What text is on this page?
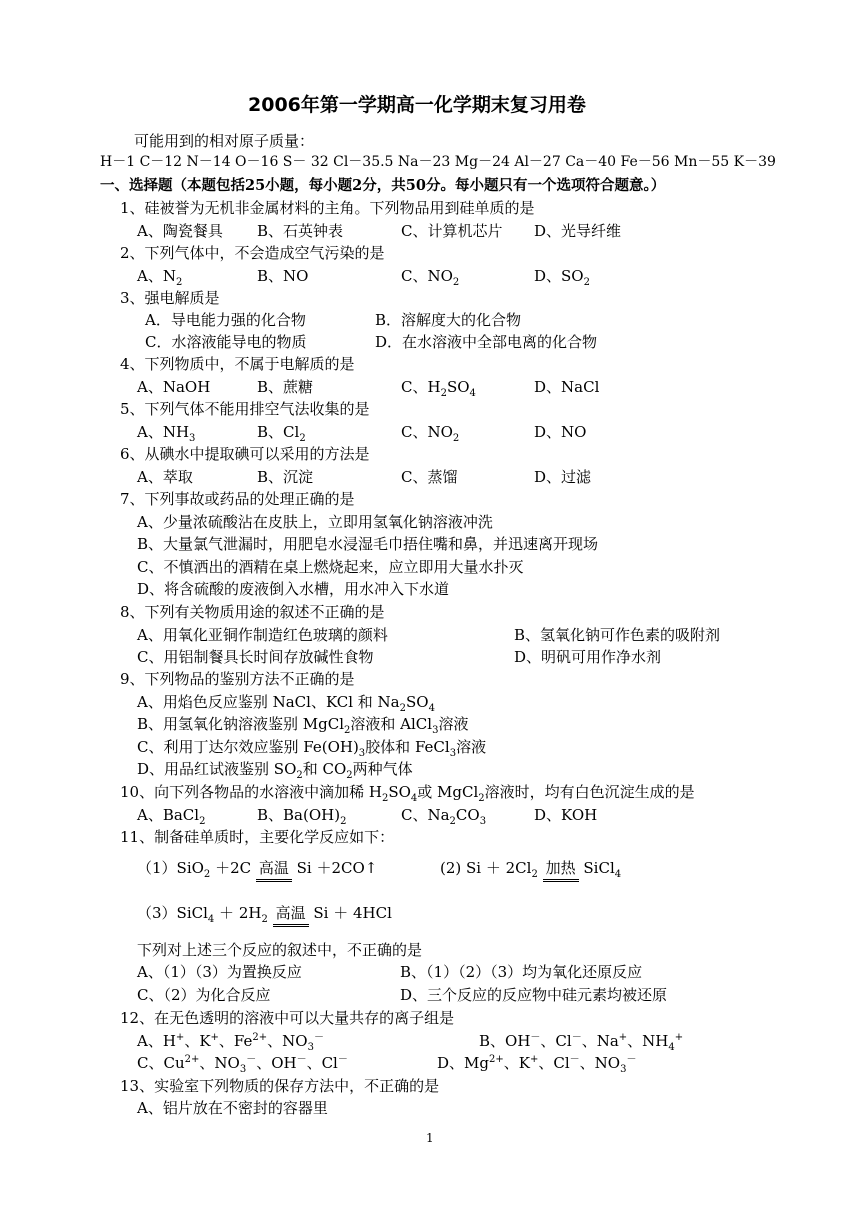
2006年第一学期高一化学期末复习用卷
可能用到的相对原子质量：
H－1 C－12 N－14 O－16 S－ 32 Cl－35.5 Na－23 Mg－24 Al－27 Ca－40 Fe－56 Mn－55 K－39
一、选择题（本题包括25小题，每小题2分，共50分。每小题只有一个选项符合题意。）
1、硅被誉为无机非金属材料的主角。下列物品用到硅单质的是
A、陶瓷餐具 B、石英钟表	C、计算机芯片 D、光导纤维
2、下列气体中，不会造成空气污染的是
A、$N_2$	B、NO	C、$NO_2$	D、$SO_2$
3、强电解质是
A．导电能力强的化合物	B．溶解度大的化合物
C．水溶液能导电的物质	D．在水溶液中全部电离的化合物
4、下列物质中，不属于电解质的是
A、NaOH	B、蔗糖	C、$H_2SO_4$	D、NaCl
5、下列气体不能用排空气法收集的是
A、$NH_3$	B、$Cl_2$	C、$NO_2$	D、NO
6、从碘水中提取碘可以采用的方法是
A、萃取	B、沉淀	C、蒸馏	D、过滤
7、下列事故或药品的处理正确的是
A、少量浓硫酸沾在皮肤上，立即用氢氧化钠溶液冲洗
B、大量氯气泄漏时，用肥皂水浸湿毛巾捂住嘴和鼻，并迅速离开现场
C、不慎洒出的酒精在桌上燃烧起来，应立即用大量水扑灭
D、将含硫酸的废液倒入水槽，用水冲入下水道
8、下列有关物质用途的叙述不正确的是
A、用氧化亚铜作制造红色玻璃的颜料	B、氢氧化钠可作色素的吸附剂
C、用铝制餐具长时间存放碱性食物	D、明矾可用作净水剂
9、下列物品的鉴别方法不正确的是
A、用焰色反应鉴别 NaCl、KCl 和 $Na_2SO_4$
B、用氢氧化钠溶液鉴别 MgCl$_2$溶液和 AlCl$_3$溶液
C、利用丁达尔效应鉴别 $Fe(OH)_3$胶体和 FeCl$_3$溶液
D、用品红试液鉴别 $SO_2$和 $CO_2$两种气体
10、向下列各物品的水溶液中滴加稀 $H_2SO_4$或 MgCl$_2$溶液时，均有白色沉淀生成的是
A、BaCl$_2$	B、$Ba(OH)_2$	C、$Na_2CO_3$	D、KOH
11、制备硅单质时，主要化学反应如下：
（1）SiO$_2$ ＋2C 高温 Si ＋2CO↑	(2) $Si + 2Cl_2$ 加热 SiCl$_4$
（3）SiCl$_4$ ＋ $2H_2$ 高温 Si ＋ 4HCl
下列对上述三个反应的叙述中，不正确的是
A、（1）（3）为置换反应	B、（1）（2）（3）均为氧化还原反应
C、（2）为化合反应	D、三个反应的反应物中硅元素均被还原
12、在无色透明的溶液中可以大量共存的离子组是
A、H+、K+、$Fe^{2+}$、$NO_3^-$	B、OH－、Cl－、Na+、$NH_4^+$
C、$Cu^{2+}$、$NO_3^-$、OH－、Cl－	D、$Mg^{2+}$、K+、Cl－、$NO_3^-$
13、实验室下列物质的保存方法中，不正确的是
A、铝片放在不密封的容器里
1
